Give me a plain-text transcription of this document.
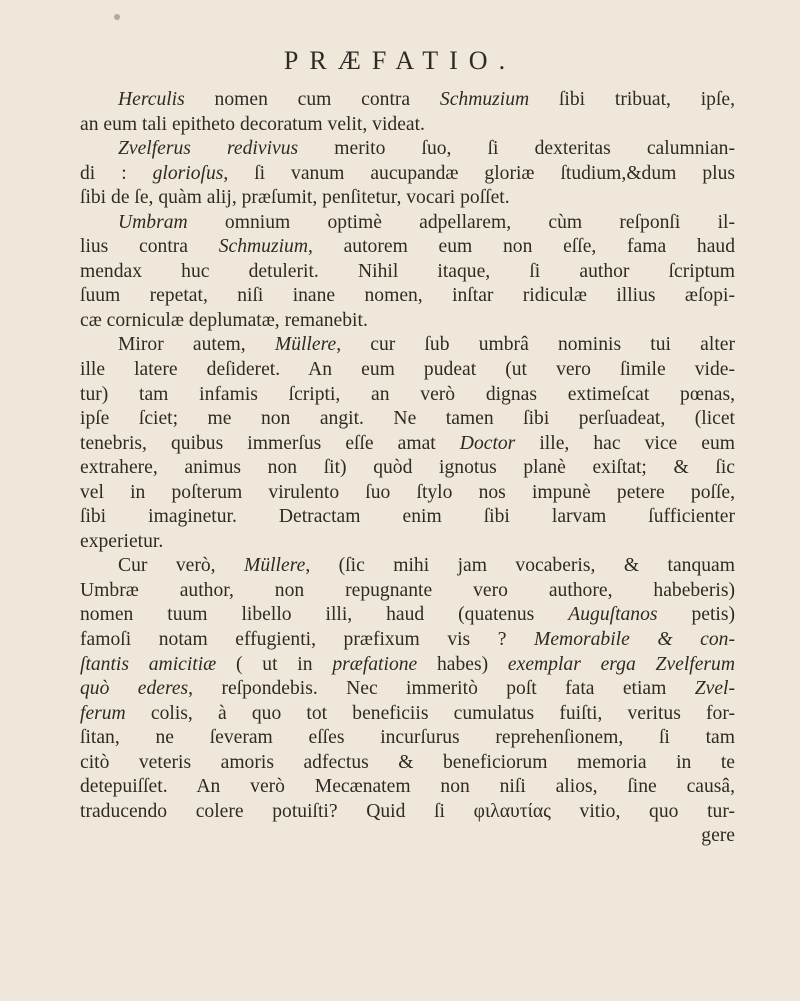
PRÆFATIO.
Herculis nomen cum contra Schmuzium ſibi tribuat, ipſe,
an eum tali epitheto decoratum velit, videat.
Zvelferus redivivus merito ſuo, ſi dexteritas calumnian-
di : glorioſus, ſi vanum aucupandæ gloriæ ſtudium,&dum plus
ſibi de ſe, quàm alij, præſumit, penſitetur, vocari poſſet.
Umbram omnium optimè adpellarem, cùm reſponſi il-
lius contra Schmuzium, autorem eum non eſſe, fama haud
mendax huc detulerit. Nihil itaque, ſi author ſcriptum
ſuum repetat, niſi inane nomen, inſtar ridiculæ illius æſopi-
cæ corniculæ deplumatæ, remanebit.
Miror autem, Müllere, cur ſub umbrâ nominis tui alter
ille latere deſideret. An eum pudeat (ut vero ſimile vide-
tur) tam infamis ſcripti, an verò dignas extimeſcat pœnas,
ipſe ſciet; me non angit. Ne tamen ſibi perſuadeat, (licet
tenebris, quibus immerſus eſſe amat Doctor ille, hac vice eum
extrahere, animus non ſit) quòd ignotus planè exiſtat; & ſic
vel in poſterum virulento ſuo ſtylo nos impunè petere poſſe,
ſibi imaginetur. Detractam enim ſibi larvam ſufficienter
experietur.
Cur verò, Müllere, (ſic mihi jam vocaberis, & tanquam
Umbræ author, non repugnante vero authore, habeberis)
nomen tuum libello illi, haud (quatenus Auguſtanos petis)
famoſi notam effugienti, præfixum vis ? Memorabile & con-
ſtantis amicitiæ ( ut in præfatione habes) exemplar erga Zvelferum
quò ederes, reſpondebis. Nec immeritò poſt fata etiam Zvel-
ferum colis, à quo tot beneficiis cumulatus fuiſti, veritus for-
ſitan, ne ſeveram eſſes incurſurus reprehenſionem, ſi tam
citò veteris amoris adfectus & beneficiorum memoria in te
detepuiſſet. An verò Mecænatem non niſi alios, ſine causâ,
traducendo colere potuiſti? Quid ſi φιλαυτίας vitio, quo tur-
gere
